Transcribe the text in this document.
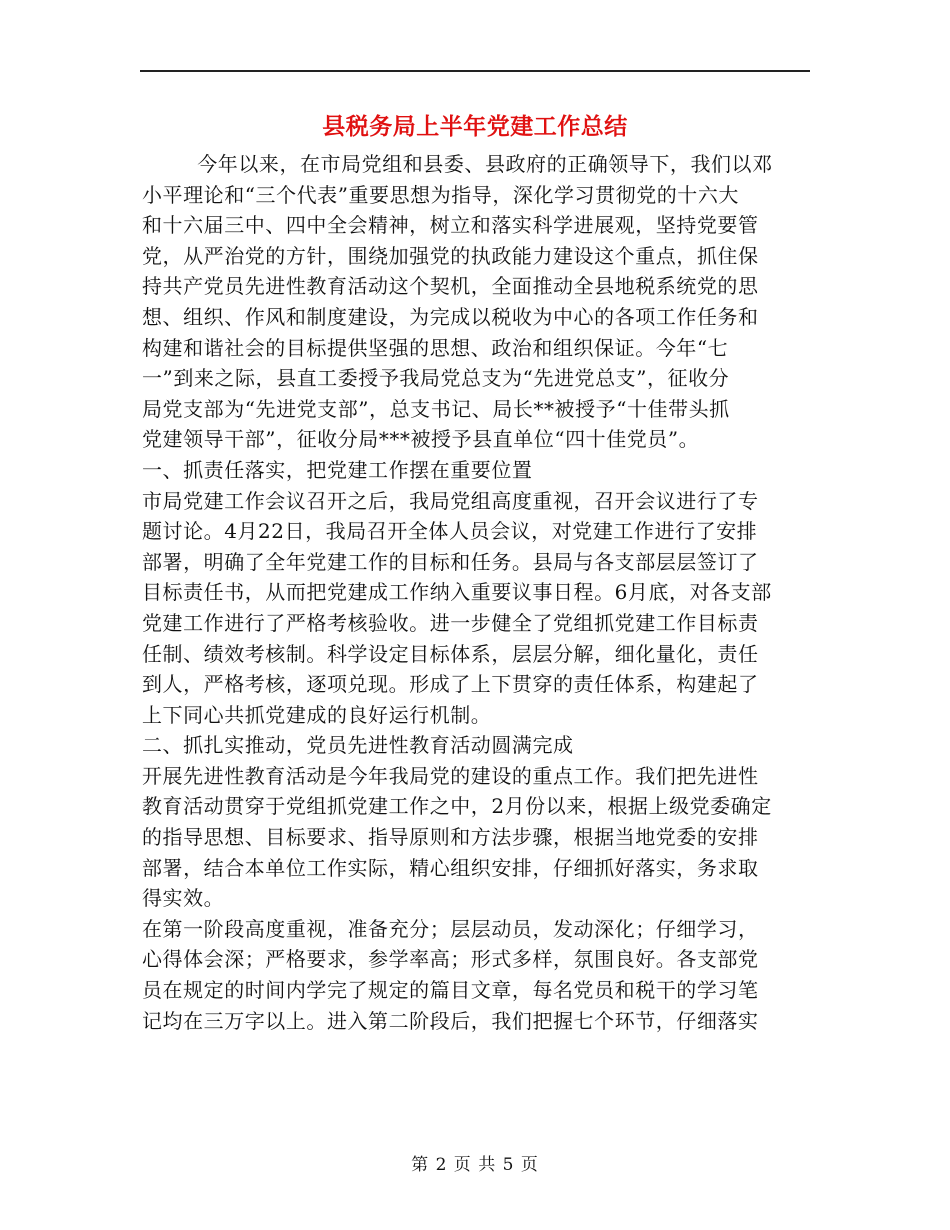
县税务局上半年党建工作总结
今年以来，在市局党组和县委、县政府的正确领导下，我们以邓
小平理论和“三个代表”重要思想为指导，深化学习贯彻党的十六大
和十六届三中、四中全会精神，树立和落实科学进展观，坚持党要管
党，从严治党的方针，围绕加强党的执政能力建设这个重点，抓住保
持共产党员先进性教育活动这个契机，全面推动全县地税系统党的思
想、组织、作风和制度建设，为完成以税收为中心的各项工作任务和
构建和谐社会的目标提供坚强的思想、政治和组织保证。今年“七
一”到来之际，县直工委授予我局党总支为“先进党总支”，征收分
局党支部为“先进党支部”，总支书记、局长**被授予“十佳带头抓
党建领导干部”，征收分局***被授予县直单位“四十佳党员”。
一、抓责任落实，把党建工作摆在重要位置
市局党建工作会议召开之后，我局党组高度重视，召开会议进行了专
题讨论。4月22日，我局召开全体人员会议，对党建工作进行了安排
部署，明确了全年党建工作的目标和任务。县局与各支部层层签订了
目标责任书，从而把党建成工作纳入重要议事日程。6月底，对各支部
党建工作进行了严格考核验收。进一步健全了党组抓党建工作目标责
任制、绩效考核制。科学设定目标体系，层层分解，细化量化，责任
到人，严格考核，逐项兑现。形成了上下贯穿的责任体系，构建起了
上下同心共抓党建成的良好运行机制。
二、抓扎实推动，党员先进性教育活动圆满完成
开展先进性教育活动是今年我局党的建设的重点工作。我们把先进性
教育活动贯穿于党组抓党建工作之中，2月份以来，根据上级党委确定
的指导思想、目标要求、指导原则和方法步骤，根据当地党委的安排
部署，结合本单位工作实际，精心组织安排，仔细抓好落实，务求取
得实效。
在第一阶段高度重视，准备充分；层层动员，发动深化；仔细学习，
心得体会深；严格要求，参学率高；形式多样，氛围良好。各支部党
员在规定的时间内学完了规定的篇目文章，每名党员和税干的学习笔
记均在三万字以上。进入第二阶段后，我们把握七个环节，仔细落实
第 2 页 共 5 页
